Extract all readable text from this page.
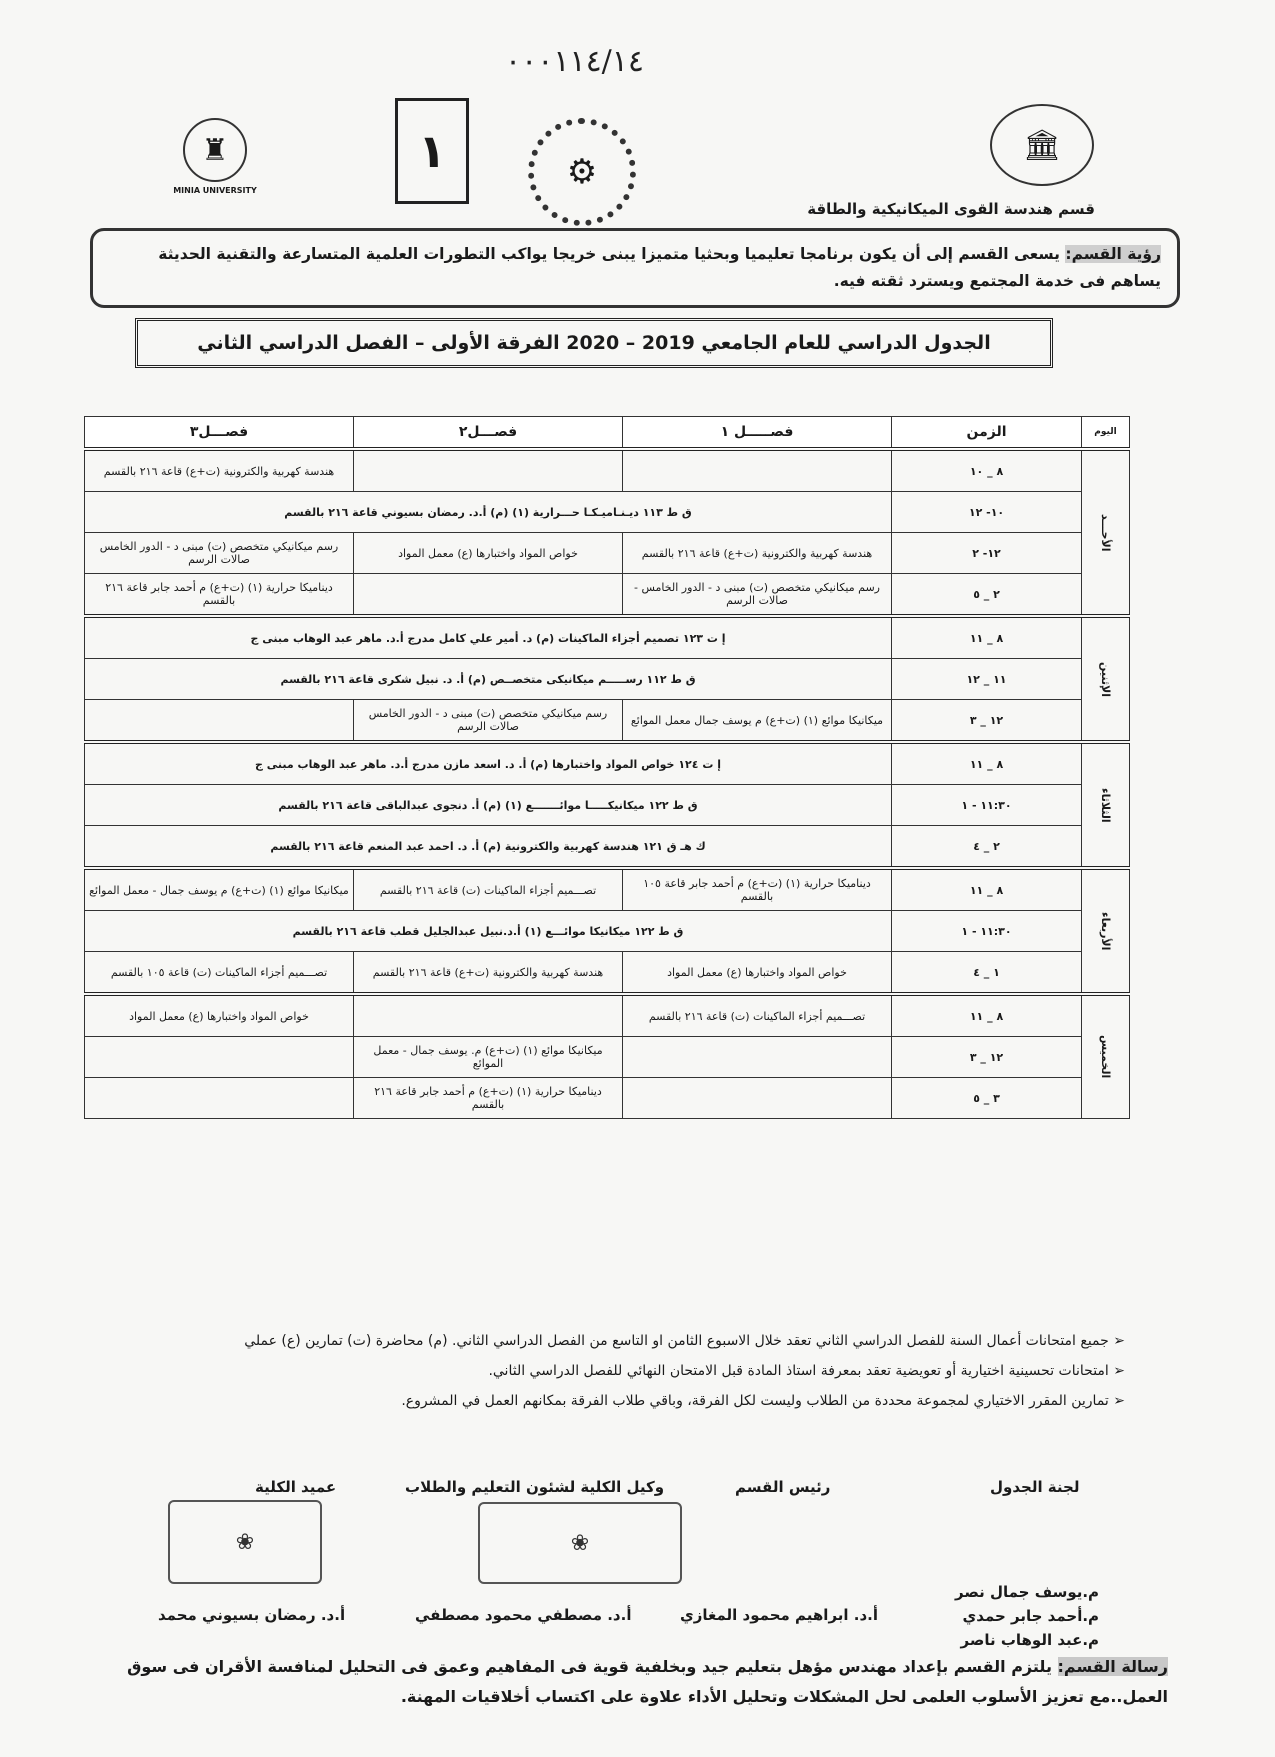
٠٠٠١١٤/١٤
♜
MINIA UNIVERSITY
١	⚙
🏛
قسم هندسة القوى الميكانيكية والطاقة
رؤية القسم: يسعى القسم إلى أن يكون برنامجا تعليميا وبحثيا متميزا يبنى خريجا يواكب التطورات العلمية المتسارعة والتقنية الحديثة يساهم فى خدمة المجتمع ويسترد ثقته فيه.
الجدول الدراسي للعام الجامعي 2019 – 2020 الفرقة الأولى – الفصل الدراسي الثاني
اليوم	الزمن	فصـــــل ١	فصـــل٢	فصـــل٣
الأحـــد	٨ _ ١٠			هندسة كهربية والكترونية (ت+ع) قاعة ٢١٦ بالقسم
	١٠- ١٢	ق ط ١١٣ ديـنـاميـكـا حـــرارية (١) (م) أ.د. رمضان بسيوني قاعة ٢١٦ بالقسم		
	١٢- ٢	هندسة كهربية والكترونية (ت+ع) قاعة ٢١٦ بالقسم	خواص المواد واختبارها (ع) معمل المواد	رسم ميكانيكي متخصص (ت) مبنى د - الدور الخامس صالات الرسم
	٢ _ ٥	رسم ميكانيكي متخصص (ت) مبنى د - الدور الخامس - صالات الرسم		ديناميكا حرارية (١) (ت+ع) م أحمد جابر قاعة ٢١٦ بالقسم
الإثنين	٨ _ ١١	إ ت ١٢٣ تصميم أجزاء الماكينات (م) د. أمير علي كامل مدرج أ.د. ماهر عبد الوهاب مبنى ج		
	١١ _ ١٢	ق ط ١١٢ رســـــم ميكانيكى متخصــص (م) أ. د. نبيل شكرى قاعة ٢١٦ بالقسم		
	١٢ _ ٣	ميكانيكا موائع (١) (ت+ع) م يوسف جمال معمل الموائع	رسم ميكانيكي متخصص (ت) مبنى د - الدور الخامس صالات الرسم	
الثلاثاء	٨ _ ١١	إ ت ١٢٤ خواص المواد واختبارها (م) أ. د. اسعد مازن مدرج أ.د. ماهر عبد الوهاب مبنى ج		
	١١:٣٠ - ١	ق ط ١٢٢ ميكانيكـــــا موائـــــــع (١) (م) أ. دنجوى عبدالباقى قاعة ٢١٦ بالقسم		
	٢ _ ٤	ك هـ ق ١٢١ هندسة كهربية والكترونية (م) أ. د. احمد عبد المنعم قاعة ٢١٦ بالقسم		
الأربعاء	٨ _ ١١	ديناميكا حرارية (١) (ت+ع) م أحمد جابر قاعة ١٠٥ بالقسم	تصـــميم أجزاء الماكينات (ت) قاعة ٢١٦ بالقسم	ميكانيكا موائع (١) (ت+ع) م يوسف جمال - معمل الموائع
	١١:٣٠ - ١	ق ط ١٢٢ ميكانيكا موائـــع (١) أ.د.نبيل عبدالجليل قطب قاعة ٢١٦ بالقسم		
	١ _ ٤	خواص المواد واختبارها (ع) معمل المواد	هندسة كهربية والكترونية (ت+ع) قاعة ٢١٦ بالقسم	تصـــميم أجزاء الماكينات (ت) قاعة ١٠٥ بالقسم
الخميس	٨ _ ١١	تصـــميم أجزاء الماكينات (ت) قاعة ٢١٦ بالقسم		خواص المواد واختبارها (ع) معمل المواد
	١٢ _ ٣		ميكانيكا موائع (١) (ت+ع) م. يوسف جمال - معمل الموائع	
	٣ _ ٥		ديناميكا حرارية (١) (ت+ع) م أحمد جابر قاعة ٢١٦ بالقسم	
➢ جميع امتحانات أعمال السنة للفصل الدراسي الثاني تعقد خلال الاسبوع الثامن او التاسع من الفصل الدراسي الثاني. (م) محاضرة (ت) تمارين (ع) عملي
➢ امتحانات تحسينية اختيارية أو تعويضية تعقد بمعرفة استاذ المادة قبل الامتحان النهائي للفصل الدراسي الثاني.
➢ تمارين المقرر الاختياري لمجموعة محددة من الطلاب وليست لكل الفرقة، وباقي طلاب الفرقة بمكانهم العمل في المشروع.
لجنة الجدول
رئيس القسم
وكيل الكلية لشئون التعليم والطلاب
عميد الكلية
❀	❀
م.يوسف جمال نصر
م.أحمد جابر حمدي
م.عبد الوهاب ناصر
أ.د. ابراهيم محمود المغازي
أ.د. مصطفي محمود مصطفي
أ.د. رمضان بسيوني محمد
رسالة القسم: يلتزم القسم بإعداد مهندس مؤهل بتعليم جيد وبخلفية قوية فى المفاهيم وعمق فى التحليل لمنافسة الأقران فى سوق العمل..مع تعزيز الأسلوب العلمى لحل المشكلات وتحليل الأداء علاوة على اكتساب أخلاقيات المهنة.
